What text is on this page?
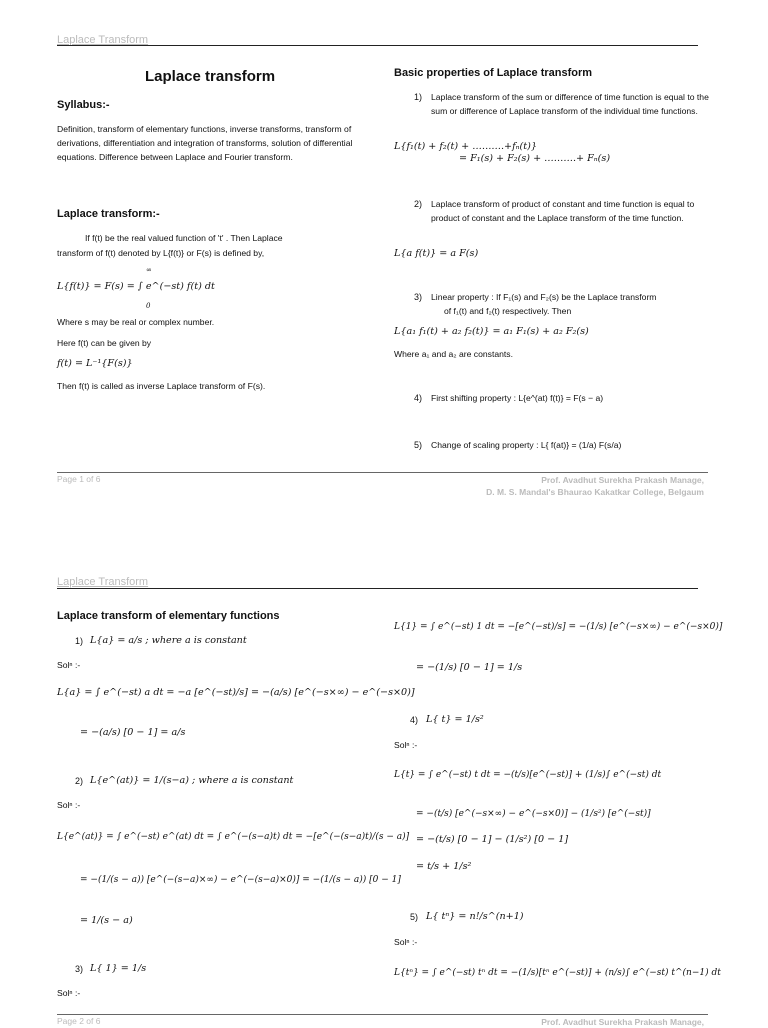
Laplace Transform
Laplace transform
Syllabus:-
Definition, transform of elementary functions, inverse transforms, transform of derivations, differentiation and integration of transforms, solution of differential equations. Difference between Laplace and Fourier transform.
Laplace transform:-
If f(t) be the real valued function of 't' . Then Laplace
transform of f(t) denoted by L{f(t)} or F(s) is defined by,
∞
L{f(t)} = F(s) = ∫ e^(−st) f(t) dt
0
Where s may be real or complex number.
Here f(t) can be given by
f(t) = L⁻¹{F(s)}
Then f(t) is called as inverse Laplace transform of F(s).
Basic properties of Laplace transform
1) Laplace transform of the sum or difference of time function is equal to the sum or difference of Laplace transform of the individual time functions.
L{f₁(t) + f₂(t) + ……….+fₙ(t)}
= F₁(s) + F₂(s) + ……….+ Fₙ(s)
2) Laplace transform of product of constant and time function is equal to product of constant and the Laplace transform of the time function.
L{a f(t)} = a F(s)
3) Linear property : If F₁(s) and F₂(s) be the Laplace transform
of f₁(t) and f₂(t) respectively. Then
L{a₁ f₁(t) + a₂ f₂(t)} = a₁ F₁(s) + a₂ F₂(s)
Where a₁ and a₂ are constants.
4) First shifting property : L{e^(at) f(t)} = F(s − a)
5) Change of scaling property : L{ f(at)} = (1/a) F(s/a)
Page 1 of 6	Prof. Avadhut Surekha Prakash Manage,
D. M. S. Mandal's Bhaurao Kakatkar College, Belgaum
Laplace Transform
Laplace transform of elementary functions
1) L{a} = a/s ; where a is constant
Solⁿ :-
L{a} = ∫ e^(−st) a dt = −a [e^(−st)/s] = −(a/s) [e^(−s×∞) − e^(−s×0)]
= −(a/s) [0 − 1] = a/s
2) L{e^(at)} = 1/(s−a) ; where a is constant
Solⁿ :-
L{e^(at)} = ∫ e^(−st) e^(at) dt = ∫ e^(−(s−a)t) dt = −[e^(−(s−a)t)/(s − a)]
= −(1/(s − a)) [e^(−(s−a)×∞) − e^(−(s−a)×0)] = −(1/(s − a)) [0 − 1]
= 1/(s − a)
3) L{ 1} = 1/s
Solⁿ :-
L{1} = ∫ e^(−st) 1 dt = −[e^(−st)/s] = −(1/s) [e^(−s×∞) − e^(−s×0)]
= −(1/s) [0 − 1] = 1/s
4) L{ t} = 1/s²
Solⁿ :-
L{t} = ∫ e^(−st) t dt = −(t/s)[e^(−st)] + (1/s)∫ e^(−st) dt
= −(t/s) [e^(−s×∞) − e^(−s×0)] − (1/s²) [e^(−st)]
= −(t/s) [0 − 1] − (1/s²) [0 − 1]
= t/s + 1/s²
5) L{ tⁿ} = n!/s^(n+1)
Solⁿ :-
L{tⁿ} = ∫ e^(−st) tⁿ dt = −(1/s)[tⁿ e^(−st)] + (n/s)∫ e^(−st) t^(n−1) dt
Page 2 of 6	Prof. Avadhut Surekha Prakash Manage,
